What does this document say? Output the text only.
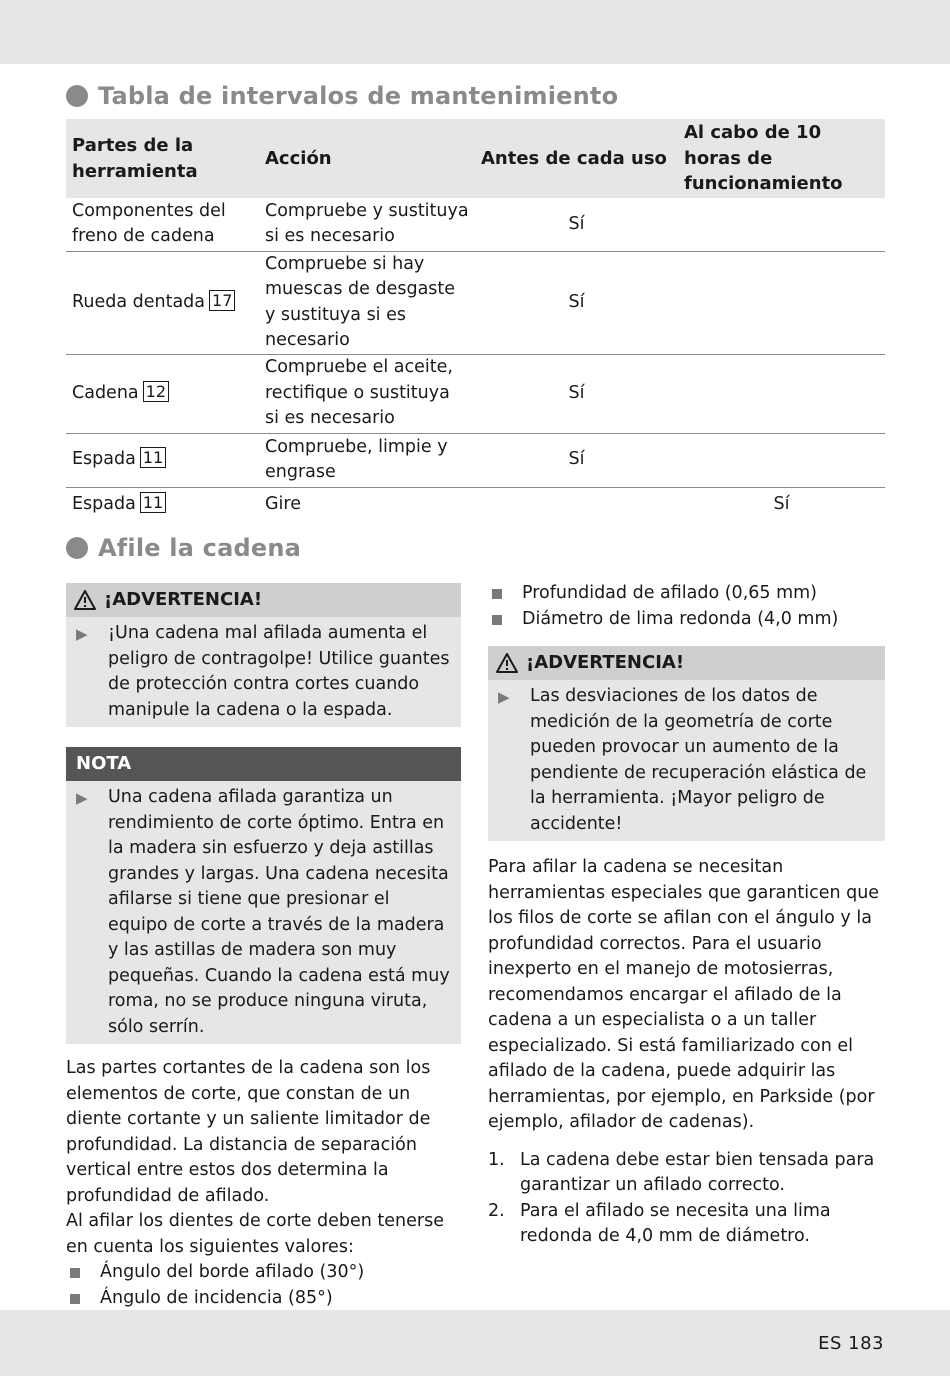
Tabla de intervalos de mantenimiento
Partes de la herramienta	Acción	Antes de cada uso	Al cabo de 10 horas de funcionamiento
Componentes del freno de cadena	Compruebe y sustituya si es necesario	Sí	
Rueda dentada 17	Compruebe si hay muescas de desgaste y sustituya si es necesario	Sí	
Cadena 12	Compruebe el aceite, rectifique o sustituya si es necesario	Sí	
Espada 11	Compruebe, limpie y engrase	Sí	
Espada 11	Gire		Sí
Afile la cadena
¡ADVERTENCIA!
▶	¡Una cadena mal afilada aumenta el peligro de contragolpe! Utilice guantes de protección contra cortes cuando manipule la cadena o la espada.

NOTA
▶	Una cadena afilada garantiza un rendimiento de corte óptimo. Entra en la madera sin esfuerzo y deja astillas grandes y largas. Una cadena necesita afilarse si tiene que presionar el equipo de corte a través de la madera y las astillas de madera son muy pequeñas. Cuando la cadena está muy roma, no se produce ninguna viruta, sólo serrín.

Las partes cortantes de la cadena son los elementos de corte, que constan de un diente cortante y un saliente limitador de profundidad. La distancia de separación vertical entre estos dos determina la profundidad de afilado.

Al afilar los dientes de corte deben tenerse en cuenta los siguientes valores:

Ángulo del borde afilado (30°)
Ángulo de incidencia (85°)
Profundidad de afilado (0,65 mm)
Diámetro de lima redonda (4,0 mm)
¡ADVERTENCIA!
▶	Las desviaciones de los datos de medición de la geometría de corte pueden provocar un aumento de la pendiente de recuperación elástica de la herramienta. ¡Mayor peligro de accidente!

Para afilar la cadena se necesitan herramientas especiales que garanticen que los filos de corte se afilan con el ángulo y la profundidad correctos. Para el usuario inexperto en el manejo de motosierras, recomendamos encargar el afilado de la cadena a un especialista o a un taller especializado. Si está familiarizado con el afilado de la cadena, puede adquirir las herramientas, por ejemplo, en Parkside (por ejemplo, afilador de cadenas).

1. La cadena debe estar bien tensada para garantizar un afilado correcto.
2. Para el afilado se necesita una lima redonda de 4,0 mm de diámetro.
ES 183
